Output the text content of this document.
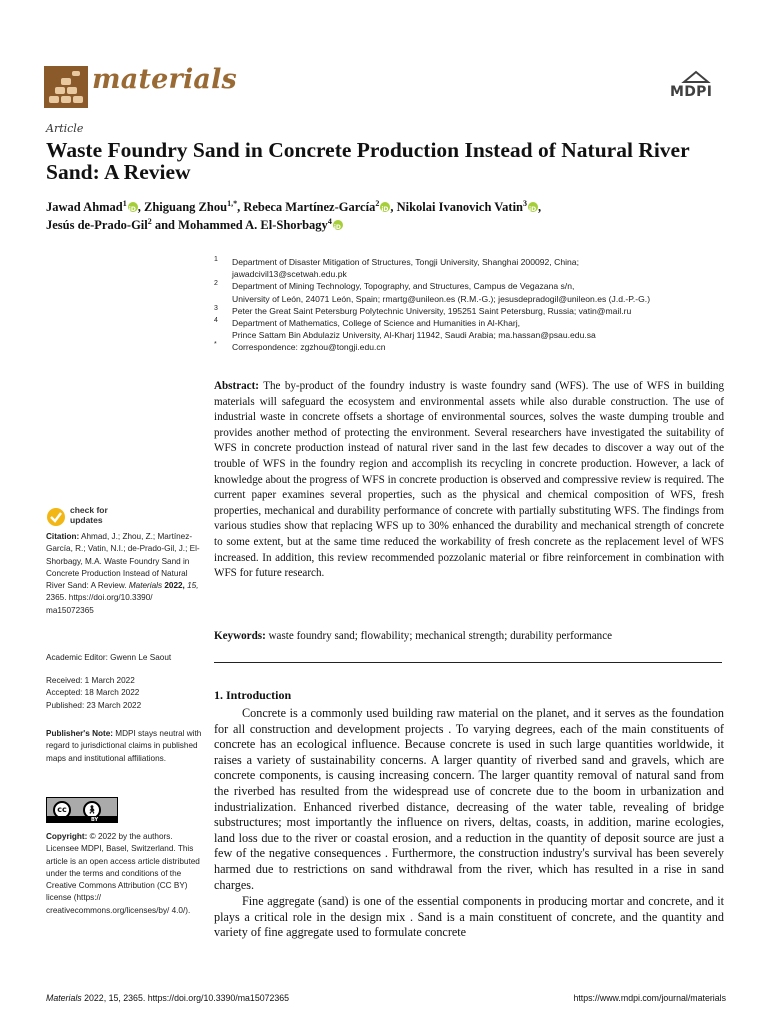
materials	MDPI
Article
Waste Foundry Sand in Concrete Production Instead of Natural River Sand: A Review
Jawad Ahmad$^1$ iD , Zhiguang Zhou$^{1,*}$, Rebeca Martínez-García$^2$ iD , Nikolai Ivanovich Vatin$^3$ iD ,
Jesús de-Prado-Gil$^2$ and Mohammed A. El-Shorbagy$^4$iD
1 Department of Disaster Mitigation of Structures, Tongji University, Shanghai 200092, China;
jawadcivil13@scetwah.edu.pk
2 Department of Mining Technology, Topography, and Structures, Campus de Vegazana s/n,
University of León, 24071 León, Spain; rmartg@unileon.es (R.M.-G.); jesusdepradogil@unileon.es (J.d.-P.-G.)
3 Peter the Great Saint Petersburg Polytechnic University, 195251 Saint Petersburg, Russia; vatin@mail.ru
4 Department of Mathematics, College of Science and Humanities in Al-Kharj,
Prince Sattam Bin Abdulaziz University, Al-Kharj 11942, Saudi Arabia; ma.hassan@psau.edu.sa
* Correspondence: zgzhou@tongji.edu.cn
Abstract: The by-product of the foundry industry is waste foundry sand (WFS). The use of WFS in building materials will safeguard the ecosystem and environmental assets while also durable construction. The use of industrial waste in concrete offsets a shortage of environmental sources, solves the waste dumping trouble and provides another method of protecting the environment. Several researchers have investigated the suitability of WFS in concrete production instead of natural river sand in the last few decades to discover a way out of the trouble of WFS in the foundry region and accomplish its recycling in concrete production. However, a lack of knowledge about the progress of WFS in concrete production is observed and compressive review is required. The current paper examines several properties, such as the physical and chemical composition of WFS, fresh properties, mechanical and durability performance of concrete with partially substituting WFS. The findings from various studies show that replacing WFS up to 30% enhanced the durability and mechanical strength of concrete to some extent, but at the same time reduced the workability of fresh concrete as the replacement level of WFS increased. In addition, this review recommended pozzolanic material or fibre reinforcement in combination with WFS for future research.
Keywords: waste foundry sand; flowability; mechanical strength; durability performance
1. Introduction

Concrete is a commonly used building raw material on the planet, and it serves as the foundation for all construction and development projects . To varying degrees, each of the main constituents of concrete has an ecological influence. Because concrete is used in such large quantities worldwide, it raises a variety of sustainability concerns. A larger quantity of riverbed sand and gravels, which are concrete components, is causing increasing concern. The larger quantity removal of natural sand from the riverbed has resulted from the widespread use of concrete due to the boom in urbanization and industrialization. Enhanced riverbed distance, decreasing of the water table, revealing of bridge substructures; most importantly the influence on rivers, deltas, coasts, in addition, marine ecologies, land loss due to the river or coastal erosion, and a reduction in the quantity of deposit source are just a few of the negative consequences . Furthermore, the construction industry's survival has been severely harmed due to restrictions on sand withdrawal from the river, which has resulted in a rise in sand charges.

Fine aggregate (sand) is one of the essential components in producing mortar and concrete, and it plays a critical role in the design mix . Sand is a main constituent of concrete, and the quantity and variety of fine aggregate used to formulate concrete

check for
updates
Citation: Ahmad, J.; Zhou, Z.; Martínez-García, R.; Vatin, N.I.; de-Prado-Gil, J.; El-Shorbagy, M.A. Waste Foundry Sand in Concrete Production Instead of Natural River Sand: A Review. Materials 2022, 15, 2365. https://doi.org/10.3390/ ma15072365
Academic Editor: Gwenn Le Saout
Received: 1 March 2022
Accepted: 18 March 2022
Published: 23 March 2022
Publisher's Note: MDPI stays neutral with regard to jurisdictional claims in published maps and institutional affiliations.
cc	🚶︎
BY
Copyright: © 2022 by the authors. Licensee MDPI, Basel, Switzerland. This article is an open access article distributed under the terms and conditions of the Creative Commons Attribution (CC BY) license (https:// creativecommons.org/licenses/by/ 4.0/).
Materials 2022, 15, 2365. https://doi.org/10.3390/ma15072365	https://www.mdpi.com/journal/materials
